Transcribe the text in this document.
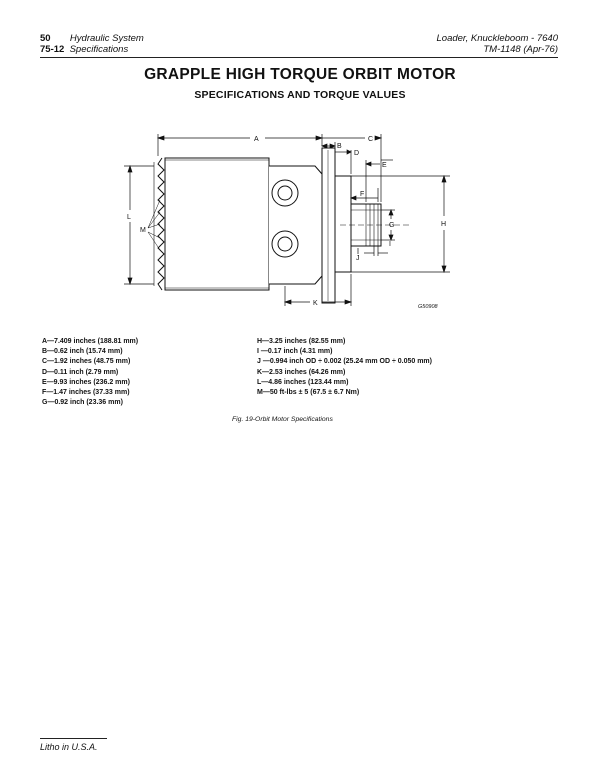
50 Hydraulic System
75-12 Specifications
Loader, Knuckleboom - 7640
TM-1148 (Apr-76)
GRAPPLE HIGH TORQUE ORBIT MOTOR
SPECIFICATIONS AND TORQUE VALUES
A
B
C
D
E
F
G	H
I
J
K
L
M
G50908
A—7.409 inches (188.81 mm)
B—0.62 inch (15.74 mm)
C—1.92 inches (48.75 mm)
D—0.11 inch (2.79 mm)
E—9.93 inches (236.2 mm)
F—1.47 inches (37.33 mm)
G—0.92 inch (23.36 mm)
H—3.25 inches (82.55 mm)
I —0.17 inch (4.31 mm)
J —0.994 inch OD ÷ 0.002 (25.24 mm OD ÷ 0.050 mm)
K—2.53 inches (64.26 mm)
L—4.86 inches (123.44 mm)
M—50 ft-lbs ± 5 (67.5 ± 6.7 Nm)
Fig. 19-Orbit Motor Specifications
Litho in U.S.A.
